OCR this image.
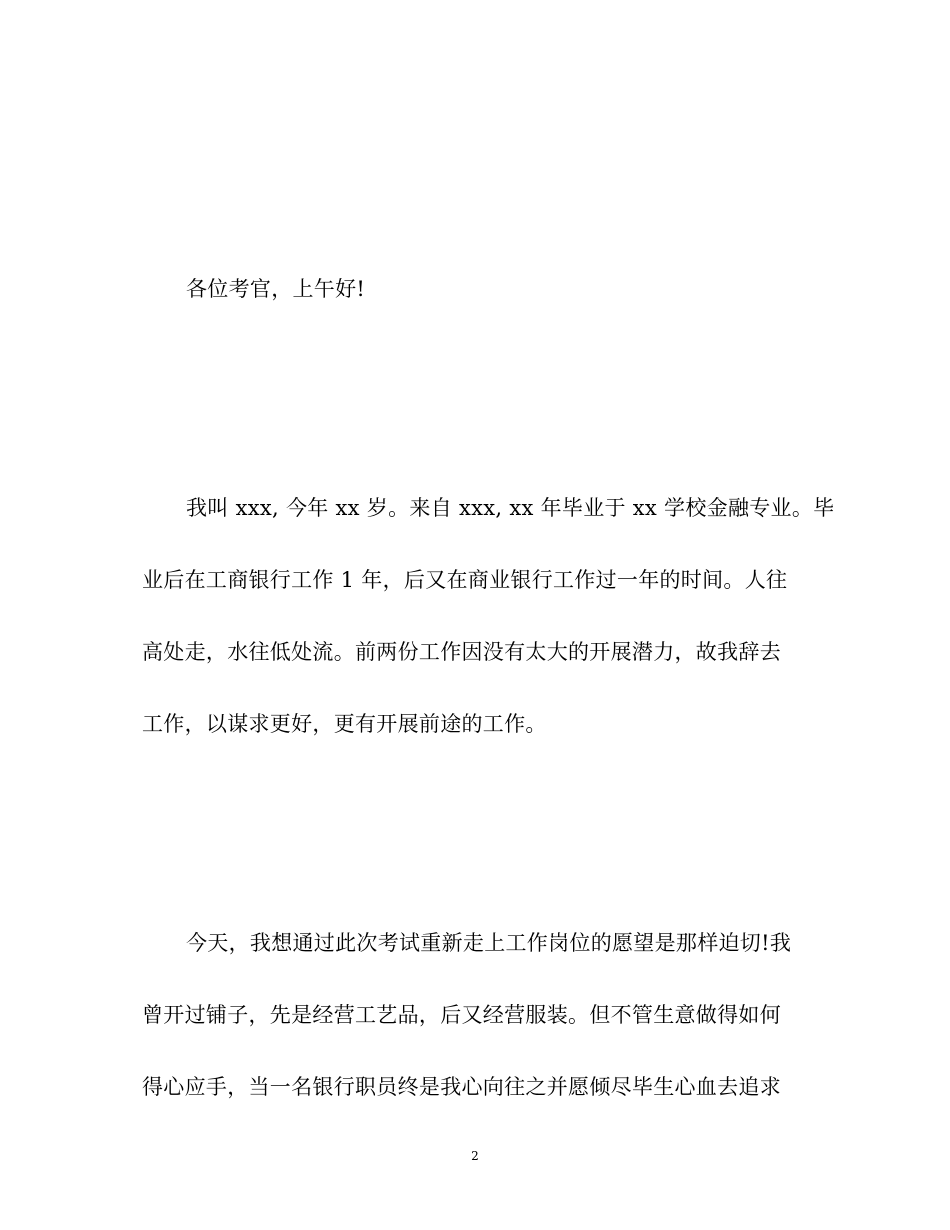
各位考官，上午好!
我叫 xxx, 今年 xx 岁。来自 xxx, xx 年毕业于 xx 学校金融专业。毕
业后在工商银行工作 1 年，后又在商业银行工作过一年的时间。人往
高处走，水往低处流。前两份工作因没有太大的开展潜力，故我辞去
工作，以谋求更好，更有开展前途的工作。
今天，我想通过此次考试重新走上工作岗位的愿望是那样迫切!我
曾开过铺子，先是经营工艺品，后又经营服装。但不管生意做得如何
得心应手，当一名银行职员终是我心向往之并愿倾尽毕生心血去追求
2
